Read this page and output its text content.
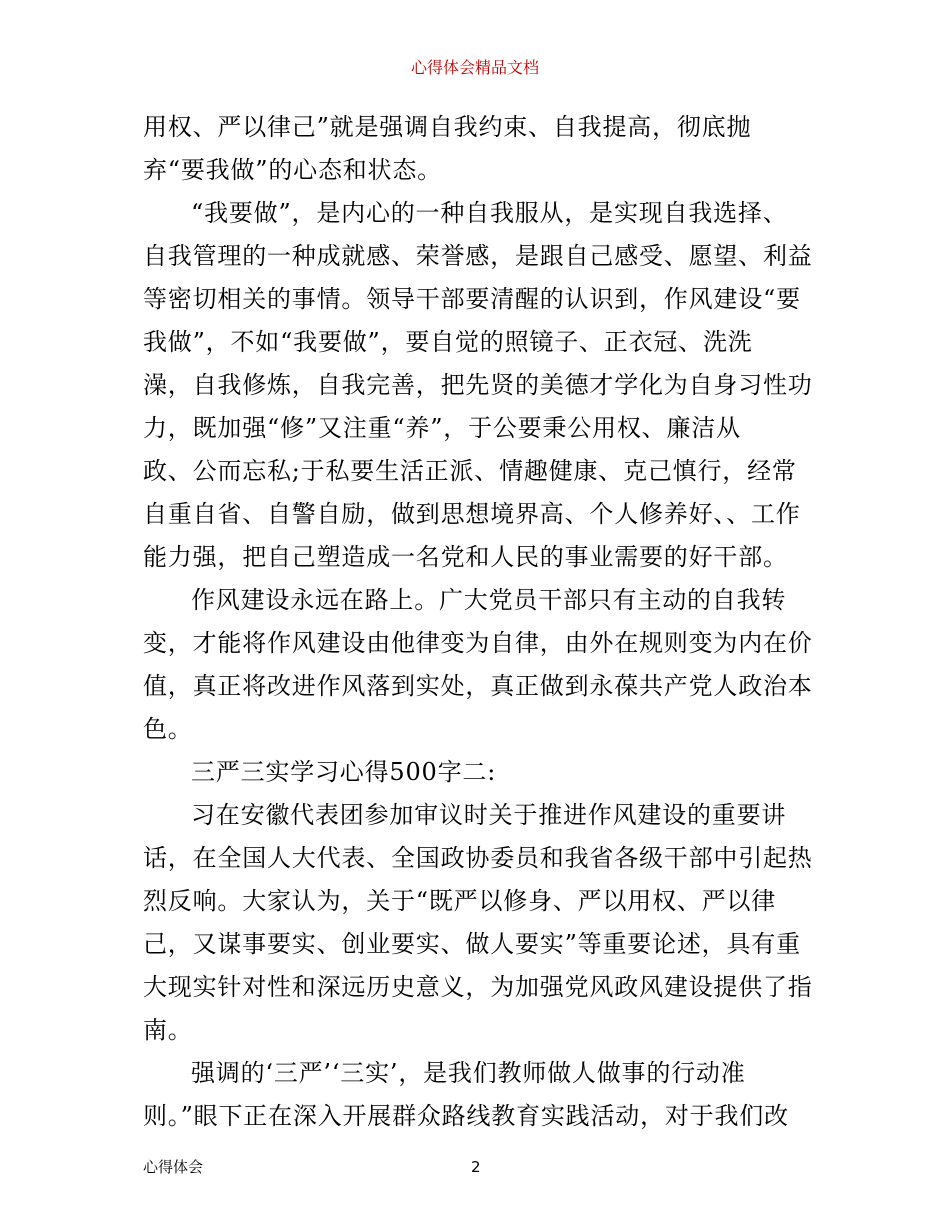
心得体会精品文档
用权、严以律己”就是强调自我约束、自我提高，彻底抛
弃“要我做”的心态和状态。
“我要做”，是内心的一种自我服从，是实现自我选择、
自我管理的一种成就感、荣誉感，是跟自己感受、愿望、利益
等密切相关的事情。领导干部要清醒的认识到，作风建设“要
我做”，不如“我要做”，要自觉的照镜子、正衣冠、洗洗
澡，自我修炼，自我完善，把先贤的美德才学化为自身习性功
力，既加强“修”又注重“养”，于公要秉公用权、廉洁从
政、公而忘私;于私要生活正派、情趣健康、克己慎行，经常
自重自省、自警自励，做到思想境界高、个人修养好、、工作
能力强，把自己塑造成一名党和人民的事业需要的好干部。
作风建设永远在路上。广大党员干部只有主动的自我转
变，才能将作风建设由他律变为自律，由外在规则变为内在价
值，真正将改进作风落到实处，真正做到永葆共产党人政治本
色。
三严三实学习心得500字二:
习在安徽代表团参加审议时关于推进作风建设的重要讲
话，在全国人大代表、全国政协委员和我省各级干部中引起热
烈反响。大家认为，关于“既严以修身、严以用权、严以律
己，又谋事要实、创业要实、做人要实”等重要论述，具有重
大现实针对性和深远历史意义，为加强党风政风建设提供了指
南。
强调的‘三严’‘三实’，是我们教师做人做事的行动准
则。”眼下正在深入开展群众路线教育实践活动，对于我们改
心得体会	2
